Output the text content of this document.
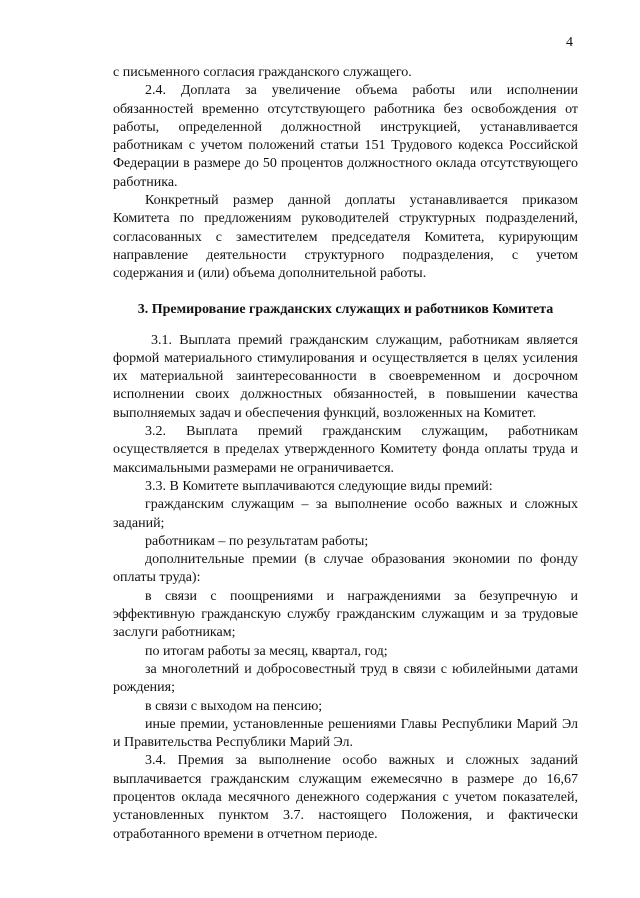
4

с письменного согласия гражданского служащего.

2.4. Доплата за увеличение объема работы или исполнении обязанностей временно отсутствующего работника без освобождения от работы, определенной должностной инструкцией, устанавливается работникам с учетом положений статьи 151 Трудового кодекса Российской Федерации в размере до 50 процентов должностного оклада отсутствующего работника.

Конкретный размер данной доплаты устанавливается приказом Комитета по предложениям руководителей структурных подразделений, согласованных с заместителем председателя Комитета, курирующим направление деятельности структурного подразделения, с учетом содержания и (или) объема дополнительной работы.

3. Премирование гражданских служащих и работников Комитета

3.1. Выплата премий гражданским служащим, работникам является формой материального стимулирования и осуществляется в целях усиления их материальной заинтересованности в своевременном и досрочном исполнении своих должностных обязанностей, в повышении качества выполняемых задач и обеспечения функций, возложенных на Комитет.

3.2. Выплата премий гражданским служащим, работникам осуществляется в пределах утвержденного Комитету фонда оплаты труда и максимальными размерами не ограничивается.

3.3. В Комитете выплачиваются следующие виды премий:

гражданским служащим – за выполнение особо важных и сложных заданий;

работникам – по результатам работы;

дополнительные премии (в случае образования экономии по фонду оплаты труда):

в связи с поощрениями и награждениями за безупречную и эффективную гражданскую службу гражданским служащим и за трудовые заслуги работникам;

по итогам работы за месяц, квартал, год;

за многолетний и добросовестный труд в связи с юбилейными датами рождения;

в связи с выходом на пенсию;

иные премии, установленные решениями Главы Республики Марий Эл и Правительства Республики Марий Эл.

3.4. Премия за выполнение особо важных и сложных заданий выплачивается гражданским служащим ежемесячно в размере до 16,67 процентов оклада месячного денежного содержания с учетом показателей, установленных пунктом 3.7. настоящего Положения, и фактически отработанного времени в отчетном периоде.
